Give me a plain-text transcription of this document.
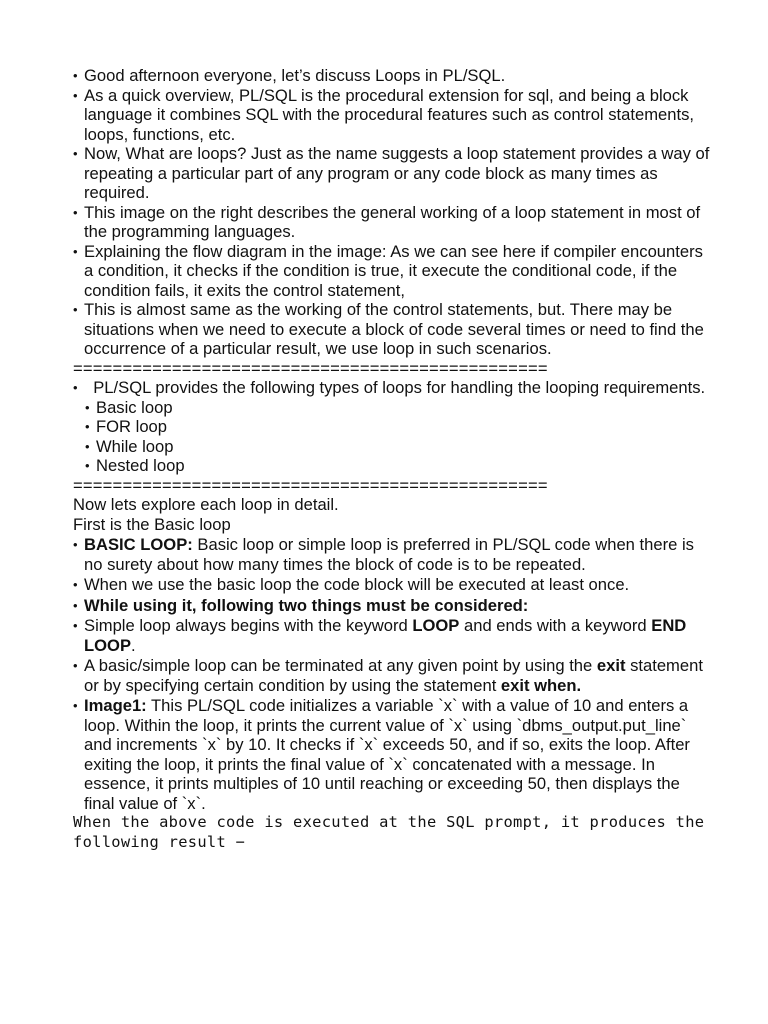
• Good afternoon everyone, let’s discuss Loops in PL/SQL.
• As a quick overview, PL/SQL is the procedural extension for sql, and being a block language it combines SQL with the procedural features such as control statements, loops, functions, etc.
• Now, What are loops? Just as the name suggests a loop statement provides a way of repeating a particular part of any program or any code block as many times as required.
• This image on the right describes the general working of a loop statement in most of the programming languages.
• Explaining the flow diagram in the image: As we can see here if compiler encounters a condition, it checks if the condition is true, it execute the conditional code, if the condition fails, it exits the control statement,
• This is almost same as the working of the control statements, but. There may be situations when we need to execute a block of code several times or need to find the occurrence of a particular result, we use loop in such scenarios.
================================================
•   PL/SQL provides the following types of loops for handling the looping requirements.
• Basic loop
• FOR loop
• While loop
• Nested loop
================================================
Now lets explore each loop in detail.
First is the Basic loop
• BASIC LOOP: Basic loop or simple loop is preferred in PL/SQL code when there is no surety about how many times the block of code is to be repeated.
• When we use the basic loop the code block will be executed at least once.
• While using it, following two things must be considered:
• Simple loop always begins with the keyword LOOP and ends with a keyword END LOOP.
• A basic/simple loop can be terminated at any given point by using the exit statement or by specifying certain condition by using the statement exit when.
• Image1: This PL/SQL code initializes a variable `x` with a value of 10 and enters a loop. Within the loop, it prints the current value of `x` using `dbms_output.put_line` and increments `x` by 10. It checks if `x` exceeds 50, and if so, exits the loop. After exiting the loop, it prints the final value of `x` concatenated with a message. In essence, it prints multiples of 10 until reaching or exceeding 50, then displays the final value of `x`.
When the above code is executed at the SQL prompt, it produces the following result −
